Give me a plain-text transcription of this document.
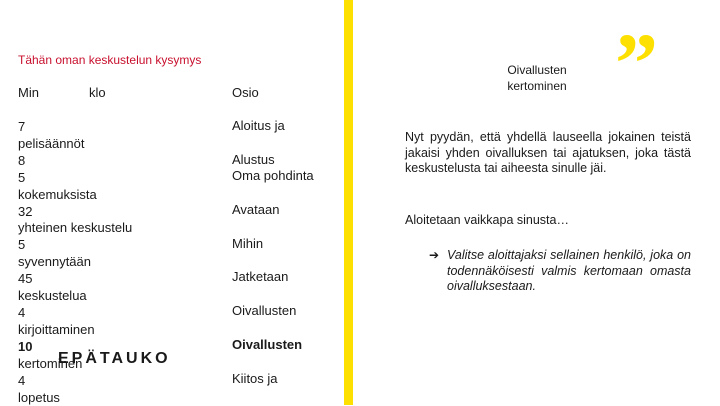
Tähän oman keskustelun kysymys
Min	klo	Osio
7
pelisäännöt
8
5
kokemuksista
32
yhteinen keskustelu
5
syvennytään
45
keskustelua
4
kirjoittaminen
10
kertominen
4
lopetus
EPÄTAUKO
Aloitus ja
Alustus
Oma pohdinta
Avataan
Mihin
Jatketaan
Oivallusten
Oivallusten
Kiitos ja
”
Oivallusten kertominen
Nyt pyydän, että yhdellä lauseella jokainen teistä jakaisi yhden oivalluksen tai ajatuksen, joka tästä keskustelusta tai aiheesta sinulle jäi.
Aloitetaan vaikkapa sinusta…
➔ Valitse aloittajaksi sellainen henkilö, joka on todennäköisesti valmis kertomaan omasta oivalluksestaan.
